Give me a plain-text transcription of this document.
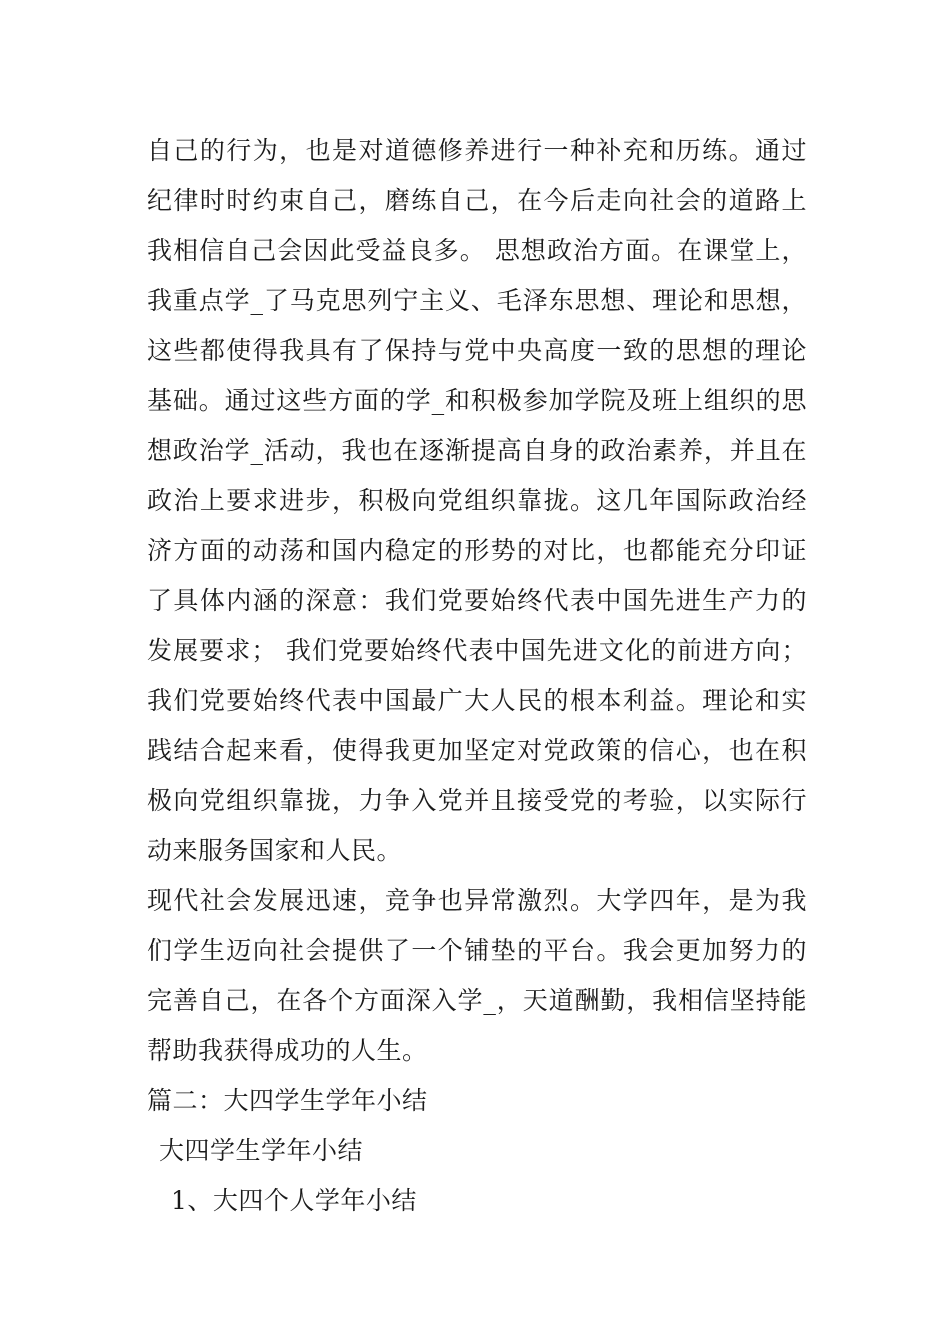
自己的行为，也是对道德修养进行一种补充和历练。通过
纪律时时约束自己，磨练自己，在今后走向社会的道路上
我相信自己会因此受益良多。 思想政治方面。在课堂上，
我重点学_了马克思列宁主义、毛泽东思想、理论和思想，
这些都使得我具有了保持与党中央高度一致的思想的理论
基础。通过这些方面的学_和积极参加学院及班上组织的思
想政治学_活动，我也在逐渐提高自身的政治素养，并且在
政治上要求进步，积极向党组织靠拢。这几年国际政治经
济方面的动荡和国内稳定的形势的对比，也都能充分印证
了具体内涵的深意：我们党要始终代表中国先进生产力的
发展要求； 我们党要始终代表中国先进文化的前进方向；
我们党要始终代表中国最广大人民的根本利益。理论和实
践结合起来看，使得我更加坚定对党政策的信心，也在积
极向党组织靠拢，力争入党并且接受党的考验，以实际行
动来服务国家和人民。
现代社会发展迅速，竞争也异常激烈。大学四年，是为我
们学生迈向社会提供了一个铺垫的平台。我会更加努力的
完善自己，在各个方面深入学_，天道酬勤，我相信坚持能
帮助我获得成功的人生。
篇二：大四学生学年小结
大四学生学年小结
1、大四个人学年小结
